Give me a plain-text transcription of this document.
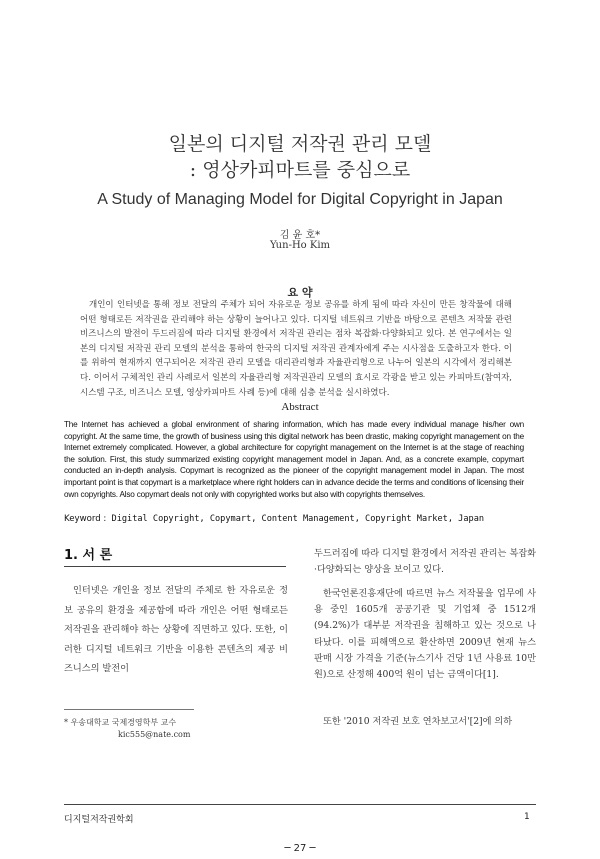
일본의 디지털 저작권 관리 모델
: 영상카피마트를 중심으로
A Study of Managing Model for Digital Copyright in Japan
김 윤 호*
Yun-Ho Kim
요 약
개인이 인터넷을 통해 정보 전달의 주체가 되어 자유로운 정보 공유를 하게 됨에 따라 자신이 만든 창작물에 대해 어떤 형태로든 저작권을 관리해야 하는 상황이 늘어나고 있다. 디지털 네트워크 기반을 바탕으로 콘텐츠 저작물 관련 비즈니스의 발전이 두드러짐에 따라 디지털 환경에서 저작권 관리는 점차 복잡화·다양화되고 있다. 본 연구에서는 일본의 디지털 저작권 관리 모델의 분석을 통하여 한국의 디지털 저작권 관계자에게 주는 시사점을 도출하고자 한다. 이를 위하여 현재까지 연구되어온 저작권 관리 모델을 대리관리형과 자율관리형으로 나누어 일본의 시각에서 정리해본다. 이어서 구체적인 관리 사례로서 일본의 자율관리형 저작권관리 모델의 효시로 각광을 받고 있는 카피마트(참여자, 시스템 구조, 비즈니스 모델, 영상카피마트 사례 등)에 대해 심층 분석을 실시하였다.
Abstract
The Internet has achieved a global environment of sharing information, which has made every individual manage his/her own copyright. At the same time, the growth of business using this digital network has been drastic, making copyright management on the Internet extremely complicated. However, a global architecture for copyright management on the Internet is at the stage of reaching the solution. First, this study summarized existing copyright management model in Japan. And, as a concrete example, copymart conducted an in-depth analysis. Copymart is recognized as the pioneer of the copyright management model in Japan. The most important point is that copymart is a marketplace where right holders can in advance decide the terms and conditions of licensing their own copyrights. Also copymart deals not only with copyrighted works but also with copyrights themselves.
Keyword : Digital Copyright, Copymart, Content Management, Copyright Market, Japan
1. 서 론
인터넷은 개인을 정보 전달의 주체로 한 자유로운 정보 공유의 환경을 제공함에 따라 개인은 어떤 형태로든 저작권을 관리해야 하는 상황에 직면하고 있다. 또한, 이러한 디지털 네트워크 기반을 이용한 콘텐츠의 제공 비즈니스의 발전이
두드러짐에 따라 디지털 환경에서 저작권 관리는 복잡화·다양화되는 양상을 보이고 있다.
한국언론진흥재단에 따르면 뉴스 저작물을 업무에 사용 중인 1605개 공공기관 및 기업체 중 1512개(94.2%)가 대부분 저작권을 침해하고 있는 것으로 나타났다. 이를 피해액으로 환산하면 2009년 현재 뉴스 판매 시장 가격을 기준(뉴스기사 건당 1년 사용료 10만 원)으로 산정해 400억 원이 넘는 금액이다[1].
또한 '2010 저작권 보호 연차보고서'[2]에 의하
* 우송대학교 국제경영학부 교수
kic555@nate.com
디지털저작권학회	1
─ 27 ─
